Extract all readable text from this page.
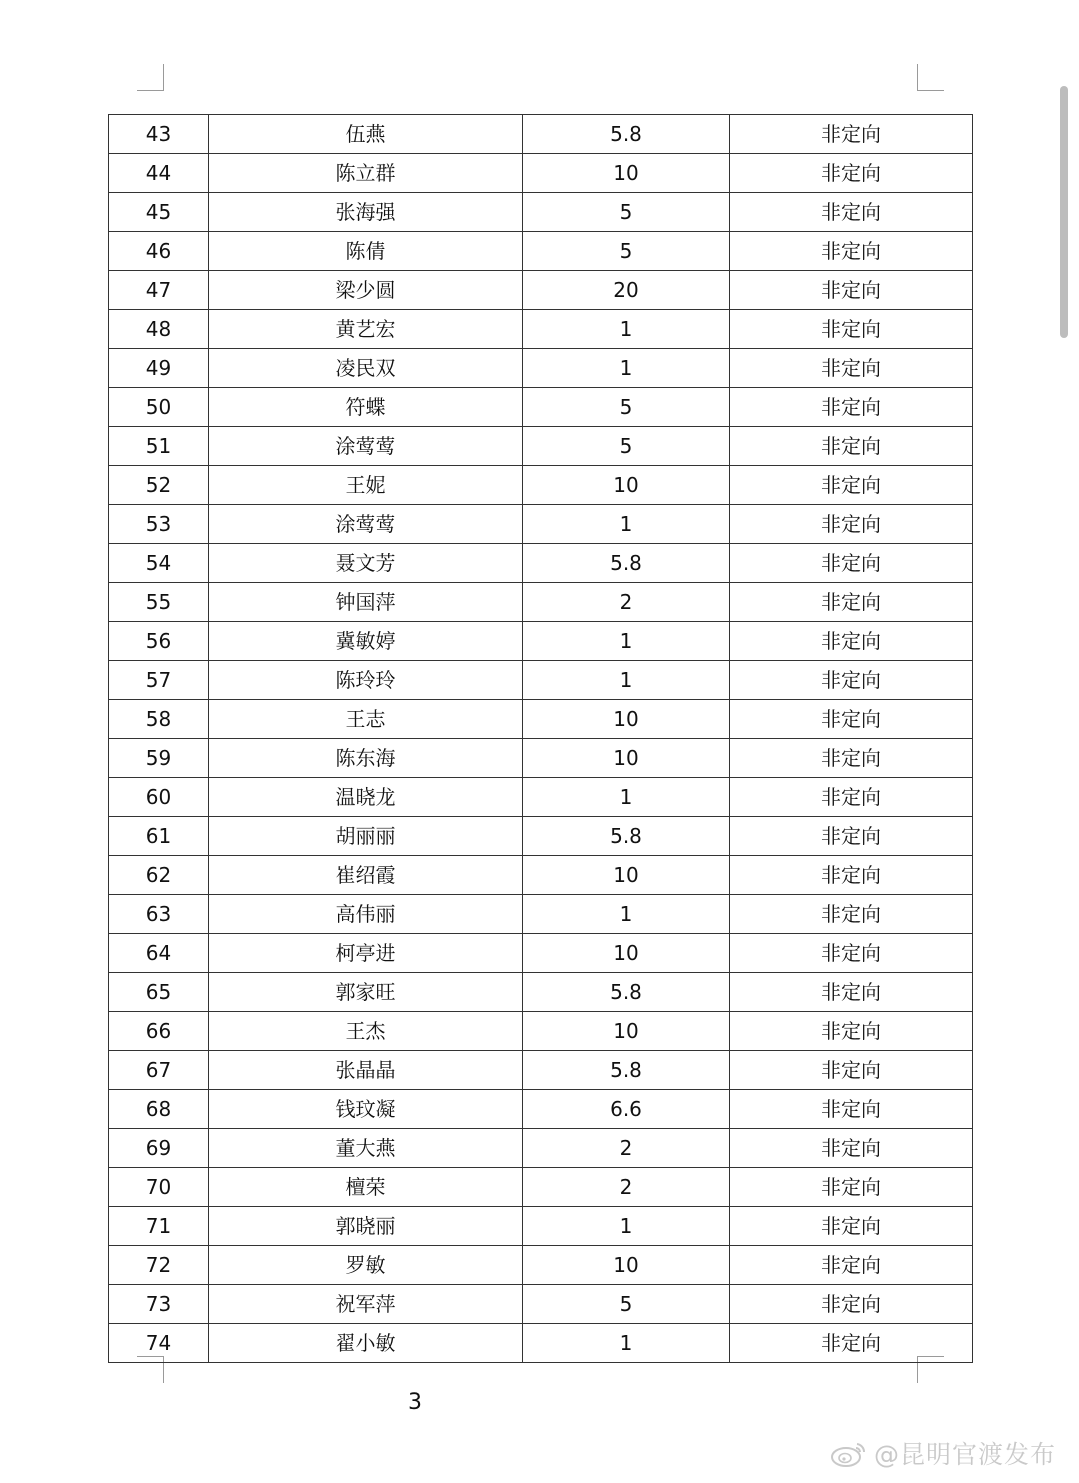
43	伍燕	5.8	非定向
44	陈立群	10	非定向
45	张海强	5	非定向
46	陈倩	5	非定向
47	梁少圆	20	非定向
48	黄艺宏	1	非定向
49	凌民双	1	非定向
50	符蝶	5	非定向
51	涂莺莺	5	非定向
52	王妮	10	非定向
53	涂莺莺	1	非定向
54	聂文芳	5.8	非定向
55	钟国萍	2	非定向
56	冀敏婷	1	非定向
57	陈玲玲	1	非定向
58	王志	10	非定向
59	陈东海	10	非定向
60	温晓龙	1	非定向
61	胡丽丽	5.8	非定向
62	崔绍霞	10	非定向
63	高伟丽	1	非定向
64	柯亭进	10	非定向
65	郭家旺	5.8	非定向
66	王杰	10	非定向
67	张晶晶	5.8	非定向
68	钱玟凝	6.6	非定向
69	董大燕	2	非定向
70	檀荣	2	非定向
71	郭晓丽	1	非定向
72	罗敏	10	非定向
73	祝军萍	5	非定向
74	翟小敏	1	非定向
3
@昆明官渡发布
